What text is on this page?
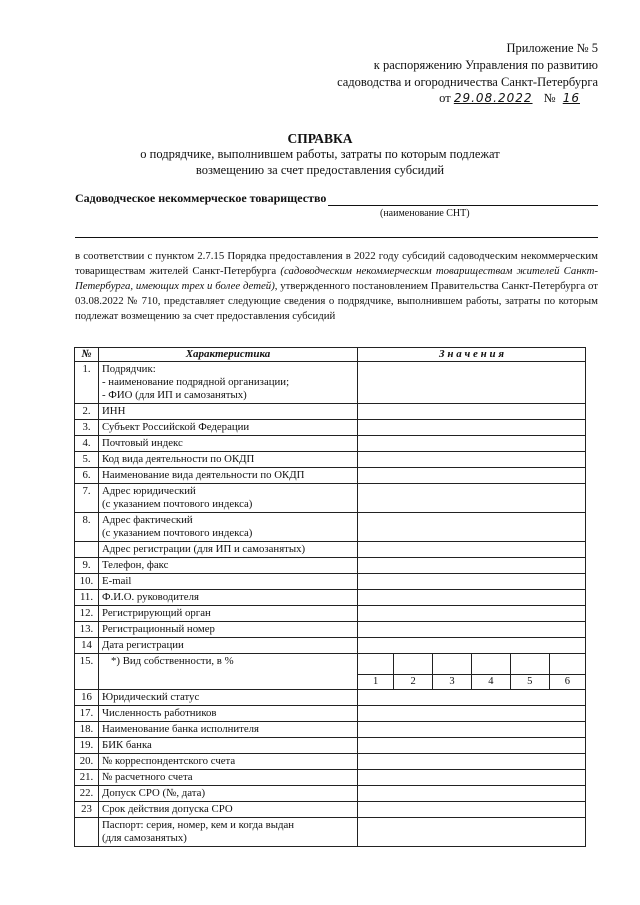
Приложение № 5
к распоряжению Управления по развитию
садоводства и огородничества Санкт-Петербурга
от 29.08.2022 № 16
СПРАВКА
о подрядчике, выполнившем работы, затраты по которым подлежат
возмещению за счет предоставления субсидий
Садоводческое некоммерческое товарищество
(наименование СНТ)
в соответствии с пунктом 2.7.15 Порядка предоставления в 2022 году субсидий садоводческим некоммерческим товариществам жителей Санкт-Петербурга (садоводческим некоммерческим товариществам жителей Санкт-Петербурга, имеющих трех и более детей), утвержденного постановлением Правительства Санкт-Петербурга от 03.08.2022 № 710, представляет следующие сведения о подрядчике, выполнившем работы, затраты по которым подлежат возмещению за счет предоставления субсидий
№	Характеристика	З н а ч е н и я
1.	Подрядчик:
- наименование подрядной организации;
- ФИО (для ИП и самозанятых)	
2.	ИНН	
3.	Субъект Российской Федерации	
4.	Почтовый индекс	
5.	Код вида деятельности по ОКДП	
6.	Наименование вида деятельности по ОКДП	
7.	Адрес юридический
(с указанием почтового индекса)	
8.	Адрес фактический
(с указанием почтового индекса)	
	Адрес регистрации (для ИП и самозанятых)	
9.	Телефон, факс	
10.	E-mail	
11.	Ф.И.О. руководителя	
12.	Регистрирующий орган	
13.	Регистрационный номер	
14	Дата регистрации	
15.	*) Вид собственности, в %	

1	2	3	4	5	6

16	Юридический статус	
17.	Численность работников	
18.	Наименование банка исполнителя	
19.	БИК банка	
20.	№ корреспондентского счета	
21.	№ расчетного счета	
22.	Допуск СРО (№, дата)	
23	Срок действия допуска СРО	
	Паспорт: серия, номер, кем и когда выдан
(для самозанятых)	
